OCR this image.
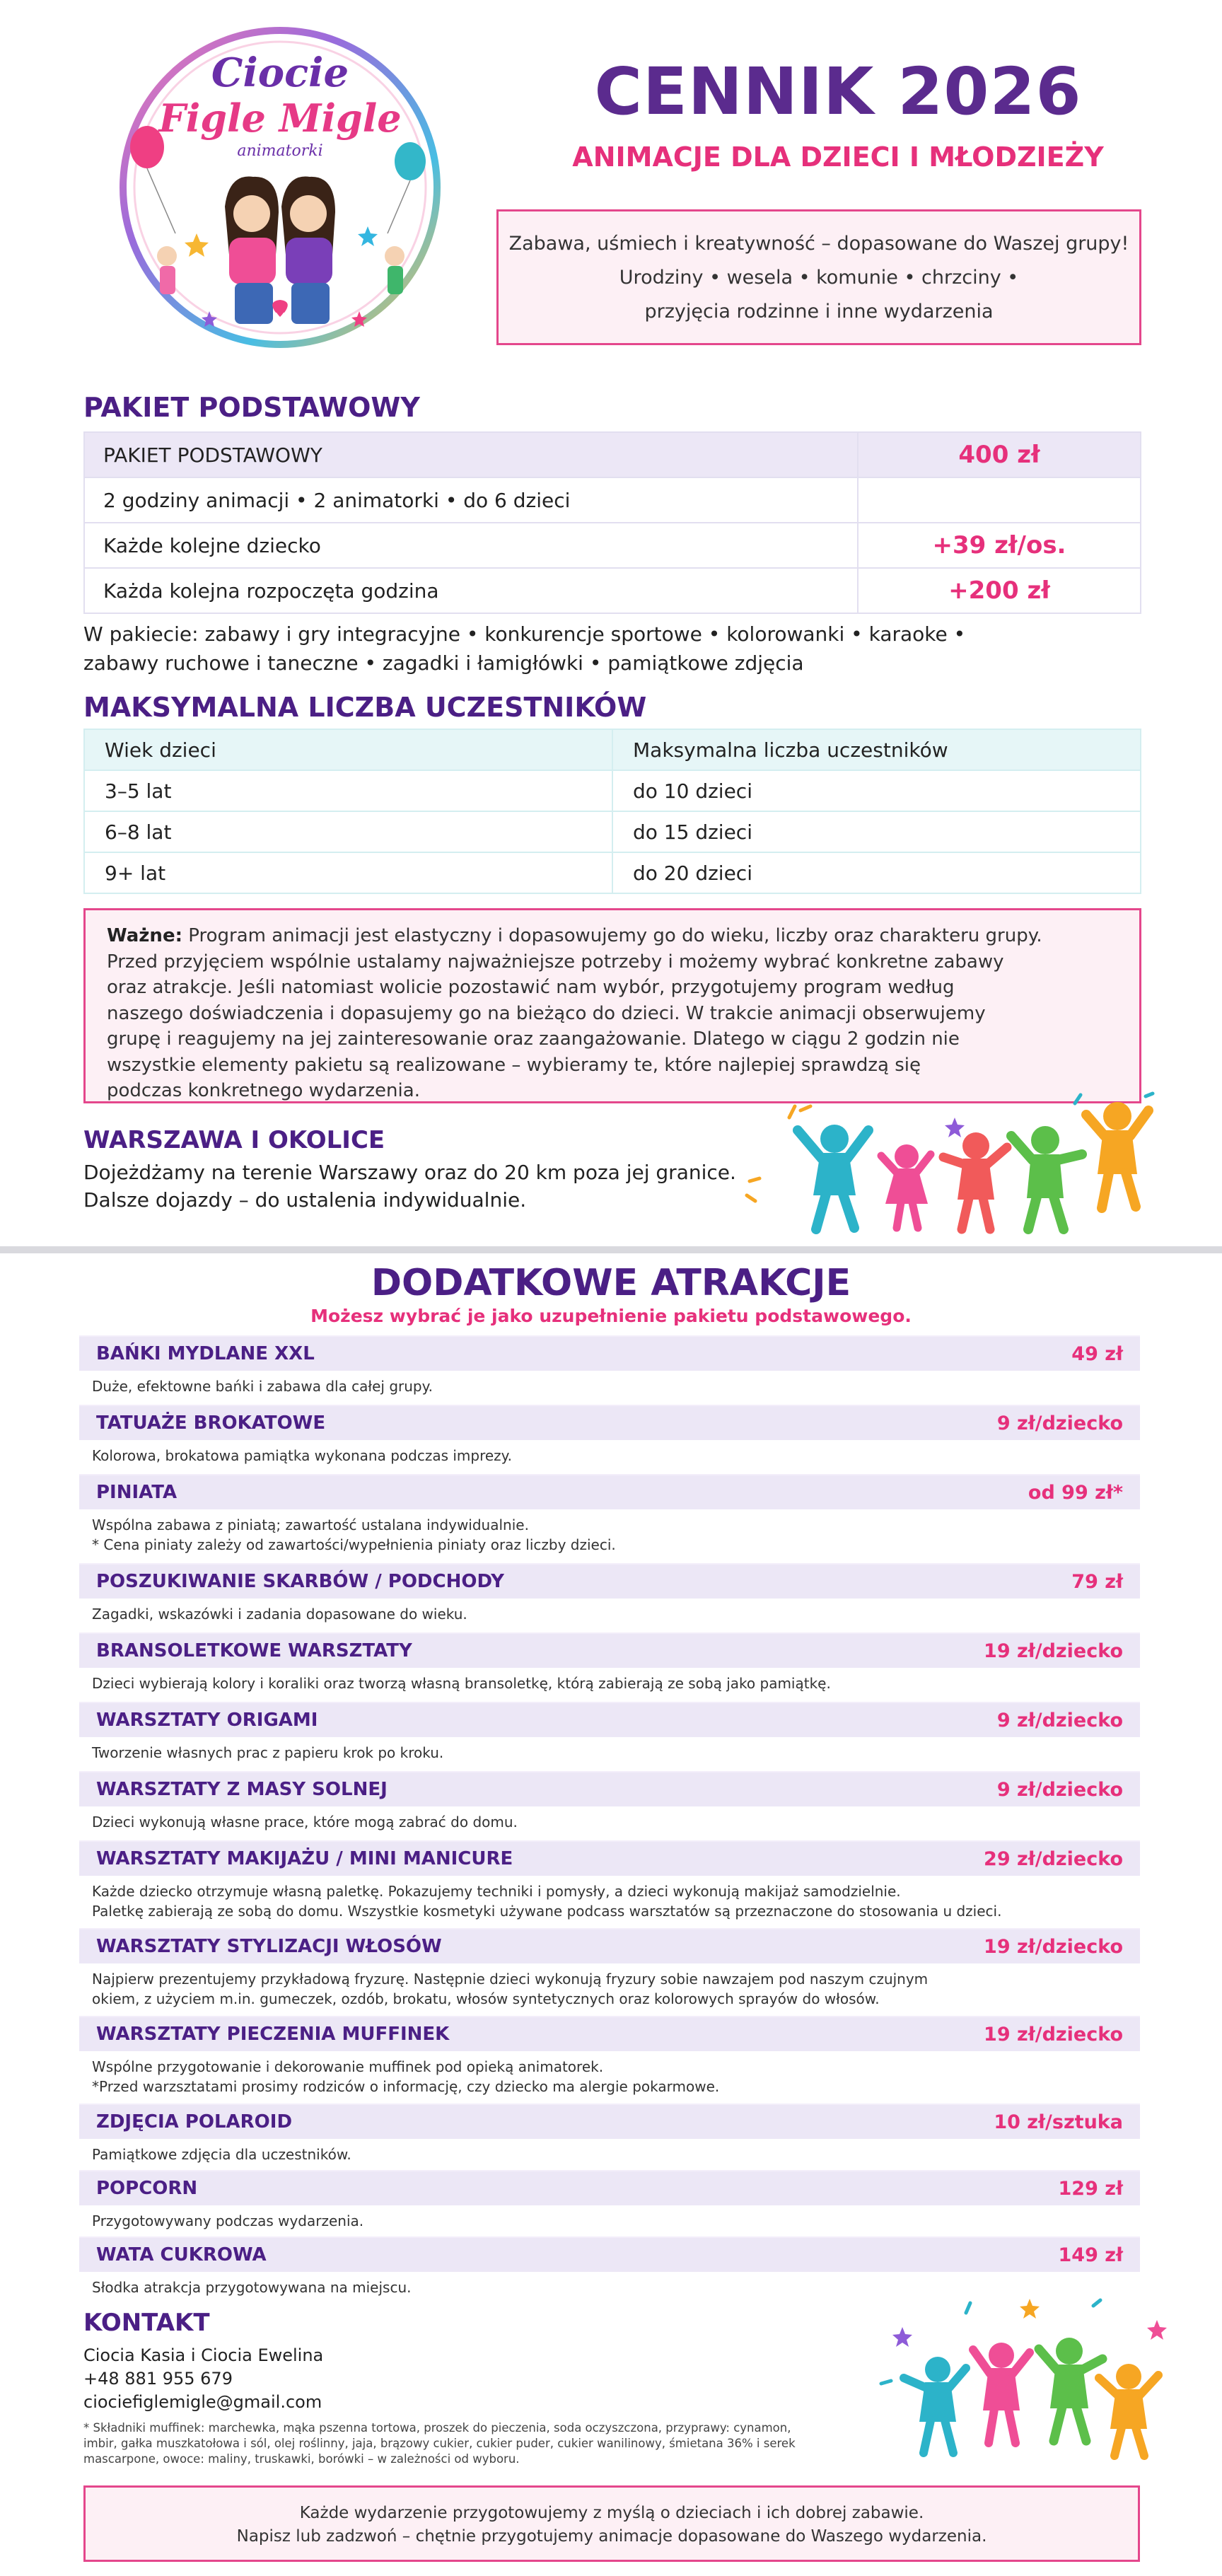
Ciocie
Figle Migle
animatorki
CENNIK 2026
ANIMACJE DLA DZIECI I MŁODZIEŻY
Zabawa, uśmiech i kreatywność – dopasowane do Waszej grupy!
Urodziny • wesela • komunie • chrzciny •
przyjęcia rodzinne i inne wydarzenia
PAKIET PODSTAWOWY
PAKIET PODSTAWOWY	400 zł
2 godziny animacji • 2 animatorki • do 6 dzieci	
Każde kolejne dziecko	+39 zł/os.
Każda kolejna rozpoczęta godzina	+200 zł
W pakiecie: zabawy i gry integracyjne • konkurencje sportowe • kolorowanki • karaoke •
zabawy ruchowe i taneczne • zagadki i łamigłówki • pamiątkowe zdjęcia
MAKSYMALNA LICZBA UCZESTNIKÓW
Wiek dzieci	Maksymalna liczba uczestników
3–5 lat	do 10 dzieci
6–8 lat	do 15 dzieci
9+ lat	do 20 dzieci
Ważne: Program animacji jest elastyczny i dopasowujemy go do wieku, liczby oraz charakteru grupy.
Przed przyjęciem wspólnie ustalamy najważniejsze potrzeby i możemy wybrać konkretne zabawy
oraz atrakcje. Jeśli natomiast wolicie pozostawić nam wybór, przygotujemy program według
naszego doświadczenia i dopasujemy go na bieżąco do dzieci. W trakcie animacji obserwujemy
grupę i reagujemy na jej zainteresowanie oraz zaangażowanie. Dlatego w ciągu 2 godzin nie
wszystkie elementy pakietu są realizowane – wybieramy te, które najlepiej sprawdzą się
podczas konkretnego wydarzenia.
WARSZAWA I OKOLICE
Dojeżdżamy na terenie Warszawy oraz do 20 km poza jej granice.
Dalsze dojazdy – do ustalenia indywidualnie.
DODATKOWE ATRAKCJE
Możesz wybrać je jako uzupełnienie pakietu podstawowego.
BAŃKI MYDLANE XXL	49 zł
Duże, efektowne bańki i zabawa dla całej grupy.
TATUAŻE BROKATOWE	9 zł/dziecko
Kolorowa, brokatowa pamiątka wykonana podczas imprezy.
PINIATA	od 99 zł*
Wspólna zabawa z piniatą; zawartość ustalana indywidualnie.
* Cena piniaty zależy od zawartości/wypełnienia piniaty oraz liczby dzieci.
POSZUKIWANIE SKARBÓW / PODCHODY	79 zł
Zagadki, wskazówki i zadania dopasowane do wieku.
BRANSOLETKOWE WARSZTATY	19 zł/dziecko
Dzieci wybierają kolory i koraliki oraz tworzą własną bransoletkę, którą zabierają ze sobą jako pamiątkę.
WARSZTATY ORIGAMI	9 zł/dziecko
Tworzenie własnych prac z papieru krok po kroku.
WARSZTATY Z MASY SOLNEJ	9 zł/dziecko
Dzieci wykonują własne prace, które mogą zabrać do domu.
WARSZTATY MAKIJAŻU / MINI MANICURE	29 zł/dziecko
Każde dziecko otrzymuje własną paletkę. Pokazujemy techniki i pomysły, a dzieci wykonują makijaż samodzielnie.
Paletkę zabierają ze sobą do domu. Wszystkie kosmetyki używane podcass warsztatów są przeznaczone do stosowania u dzieci.
WARSZTATY STYLIZACJI WŁOSÓW	19 zł/dziecko
Najpierw prezentujemy przykładową fryzurę. Następnie dzieci wykonują fryzury sobie nawzajem pod naszym czujnym
okiem, z użyciem m.in. gumeczek, ozdób, brokatu, włosów syntetycznych oraz kolorowych sprayów do włosów.
WARSZTATY PIECZENIA MUFFINEK	19 zł/dziecko
Wspólne przygotowanie i dekorowanie muffinek pod opieką animatorek.
*Przed warzsztatami prosimy rodziców o informację, czy dziecko ma alergie pokarmowe.
ZDJĘCIA POLAROID	10 zł/sztuka
Pamiątkowe zdjęcia dla uczestników.
POPCORN	129 zł
Przygotowywany podczas wydarzenia.
WATA CUKROWA	149 zł
Słodka atrakcja przygotowywana na miejscu.
KONTAKT
Ciocia Kasia i Ciocia Ewelina
+48 881 955 679
ciociefiglemigle@gmail.com
* Składniki muffinek: marchewka, mąka pszenna tortowa, proszek do pieczenia, soda oczyszczona, przyprawy: cynamon,
imbir, gałka muszkatołowa i sól, olej roślinny, jaja, brązowy cukier, cukier puder, cukier wanilinowy, śmietana 36% i serek
mascarpone, owoce: maliny, truskawki, borówki – w zależności od wyboru.
Każde wydarzenie przygotowujemy z myślą o dzieciach i ich dobrej zabawie.
Napisz lub zadzwoń – chętnie przygotujemy animacje dopasowane do Waszego wydarzenia.
